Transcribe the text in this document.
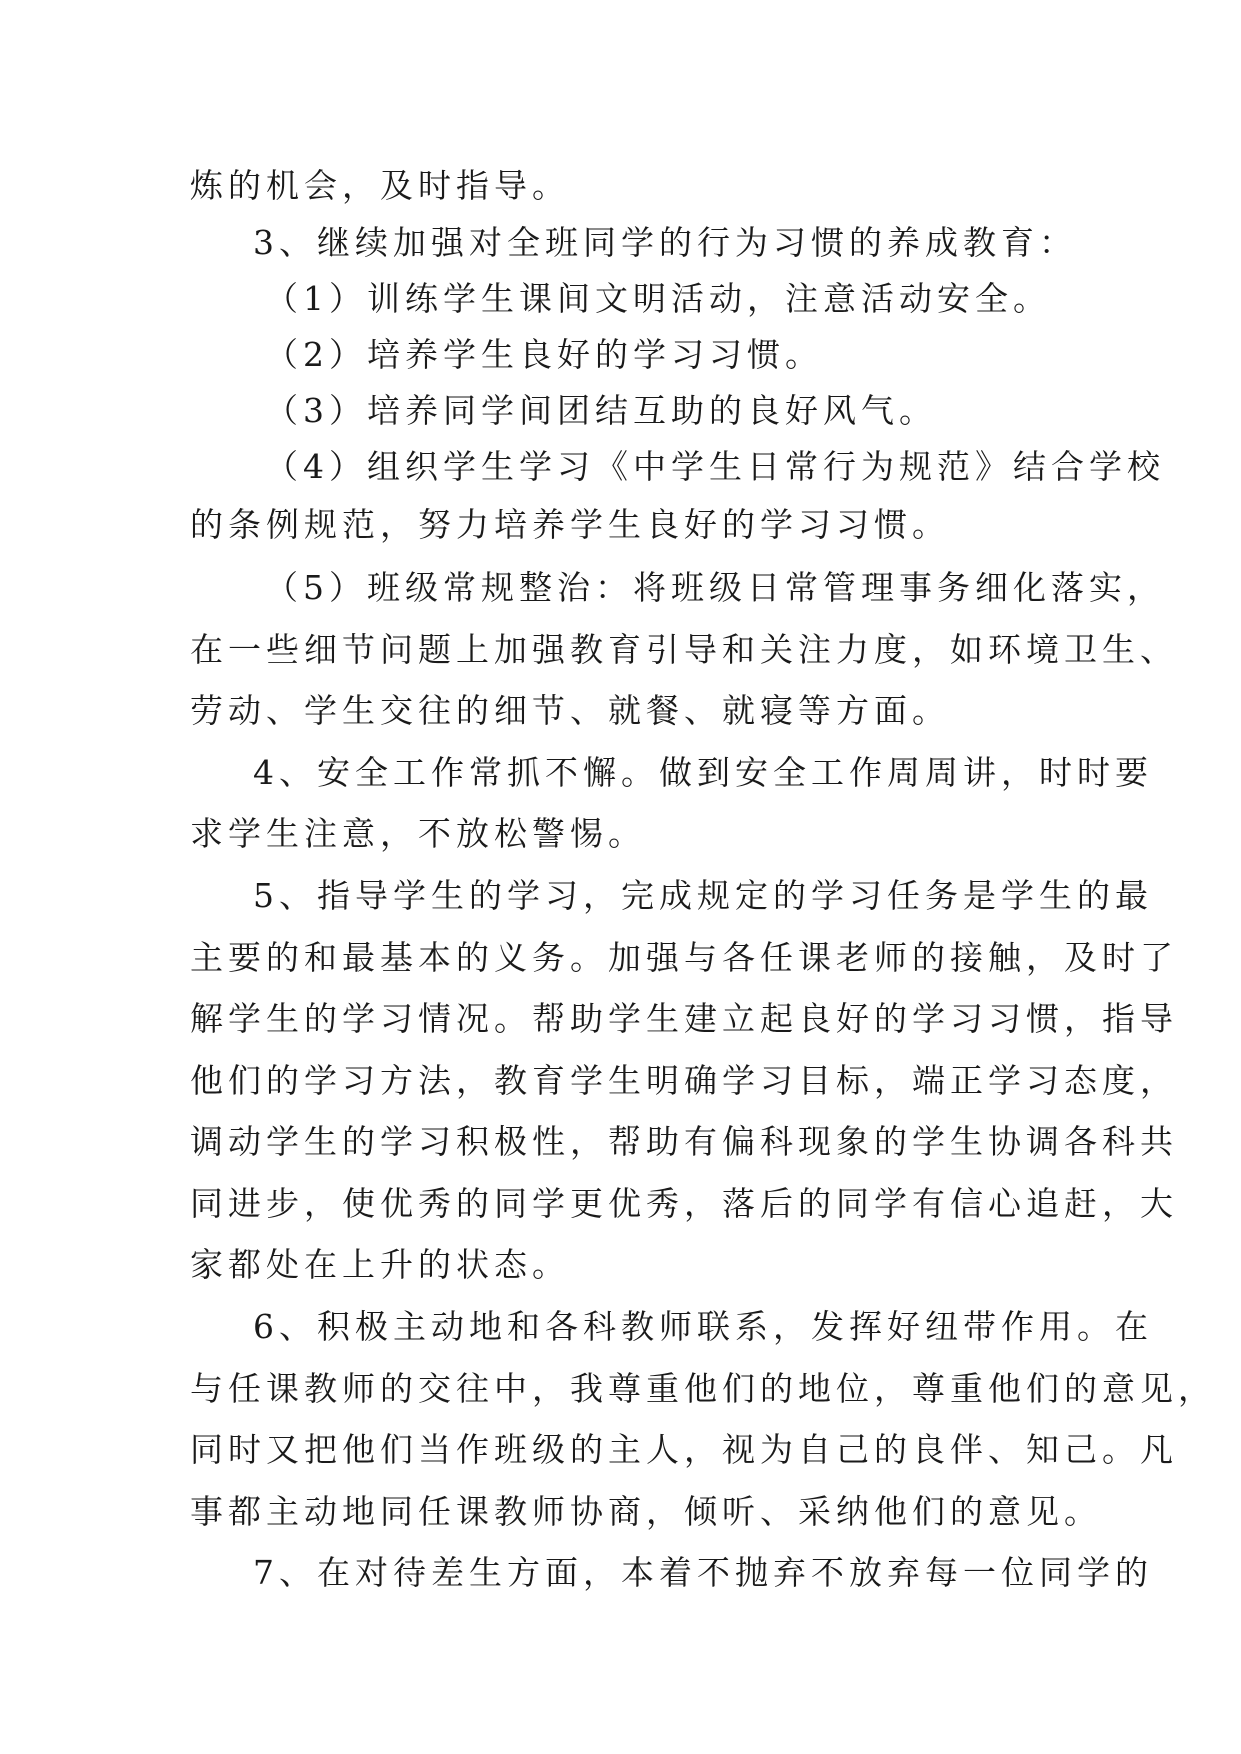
炼的机会，及时指导。
3、继续加强对全班同学的行为习惯的养成教育：
（1）训练学生课间文明活动，注意活动安全。
（2）培养学生良好的学习习惯。
（3）培养同学间团结互助的良好风气。
（4）组织学生学习《中学生日常行为规范》结合学校
的条例规范，努力培养学生良好的学习习惯。
（5）班级常规整治：将班级日常管理事务细化落实，
在一些细节问题上加强教育引导和关注力度，如环境卫生、
劳动、学生交往的细节、就餐、就寝等方面。
4、安全工作常抓不懈。做到安全工作周周讲，时时要
求学生注意，不放松警惕。
5、指导学生的学习，完成规定的学习任务是学生的最
主要的和最基本的义务。加强与各任课老师的接触，及时了
解学生的学习情况。帮助学生建立起良好的学习习惯，指导
他们的学习方法，教育学生明确学习目标，端正学习态度，
调动学生的学习积极性，帮助有偏科现象的学生协调各科共
同进步，使优秀的同学更优秀，落后的同学有信心追赶，大
家都处在上升的状态。
6、积极主动地和各科教师联系，发挥好纽带作用。在
与任课教师的交往中，我尊重他们的地位，尊重他们的意见，
同时又把他们当作班级的主人，视为自己的良伴、知己。凡
事都主动地同任课教师协商，倾听、采纳他们的意见。
7、在对待差生方面，本着不抛弃不放弃每一位同学的
